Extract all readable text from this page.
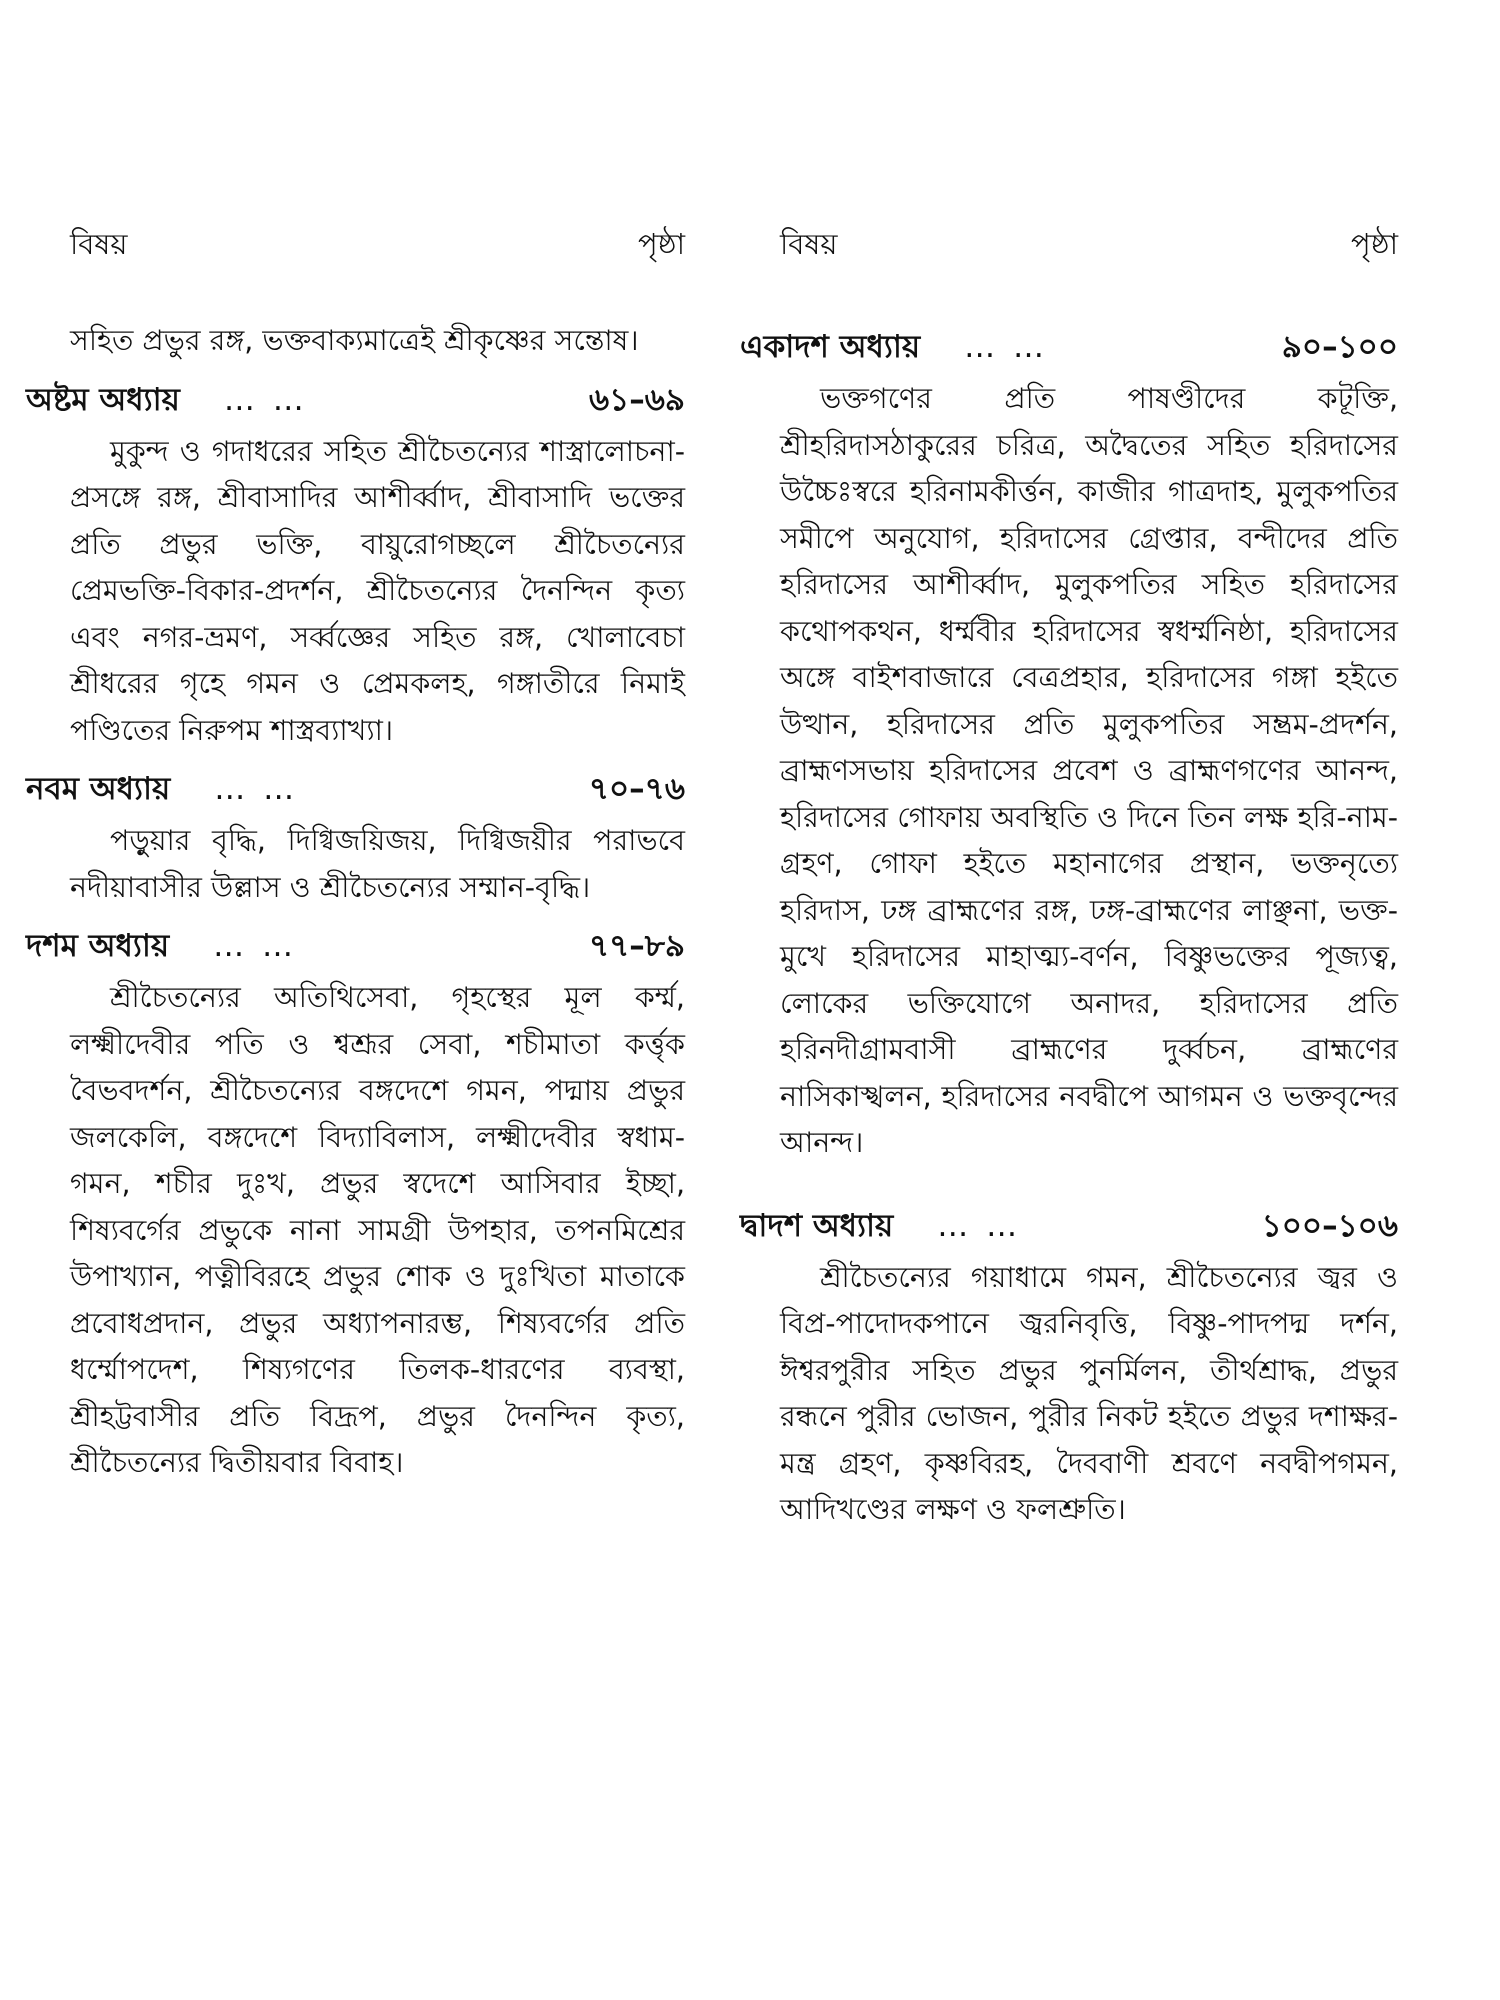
বিষয়	পৃষ্ঠা

সহিত প্রভুর রঙ্গ, ভক্তবাক্যমাত্রেই শ্রীকৃষ্ণের সন্তোষ।

অষ্টম অধ্যায় … …	৬১–৬৯

মুকুন্দ ও গদাধরের সহিত শ্রীচৈতন্যের শাস্ত্রালোচনা-প্রসঙ্গে রঙ্গ, শ্রীবাসাদির আশীর্ব্বাদ, শ্রীবাসাদি ভক্তের প্রতি প্রভুর ভক্তি, বায়ুরোগচ্ছলে শ্রীচৈতন্যের প্রেমভক্তি-বিকার-প্রদর্শন, শ্রীচৈতন্যের দৈনন্দিন কৃত্য এবং নগর-ভ্রমণ, সর্ব্বজ্ঞের সহিত রঙ্গ, খোলাবেচা শ্রীধরের গৃহে গমন ও প্রেমকলহ, গঙ্গাতীরে নিমাই পণ্ডিতের নিরুপম শাস্ত্রব্যাখ্যা।

নবম অধ্যায় … …	৭০–৭৬

পড়ুয়ার বৃদ্ধি, দিগ্বিজয়িজয়, দিগ্বিজয়ীর পরাভবে নদীয়াবাসীর উল্লাস ও শ্রীচৈতন্যের সম্মান-বৃদ্ধি।

দশম অধ্যায় … …	৭৭–৮৯

শ্রীচৈতন্যের অতিথিসেবা, গৃহস্থের মূল কর্ম্ম, লক্ষ্মীদেবীর পতি ও শ্বশ্রূর সেবা, শচীমাতা কর্ত্তৃক বৈভবদর্শন, শ্রীচৈতন্যের বঙ্গদেশে গমন, পদ্মায় প্রভুর জলকেলি, বঙ্গদেশে বিদ্যাবিলাস, লক্ষ্মীদেবীর স্বধাম-গমন, শচীর দুঃখ, প্রভুর স্বদেশে আসিবার ইচ্ছা, শিষ্যবর্গের প্রভুকে নানা সামগ্রী উপহার, তপনমিশ্রের উপাখ্যান, পত্নীবিরহে প্রভুর শোক ও দুঃখিতা মাতাকে প্রবোধপ্রদান, প্রভুর অধ্যাপনারম্ভ, শিষ্যবর্গের প্রতি ধর্ম্মোপদেশ, শিষ্যগণের তিলক-ধারণের ব্যবস্থা, শ্রীহট্টবাসীর প্রতি বিদ্রূপ, প্রভুর দৈনন্দিন কৃত্য, শ্রীচৈতন্যের দ্বিতীয়বার বিবাহ।

বিষয়	পৃষ্ঠা
একাদশ অধ্যায় … …	৯০–১০০

ভক্তগণের প্রতি পাষণ্ডীদের কটূক্তি, শ্রীহরিদাসঠাকুরের চরিত্র, অদ্বৈতের সহিত হরিদাসের উচ্চৈঃস্বরে হরিনামকীর্ত্তন, কাজীর গাত্রদাহ, মুলুকপতির সমীপে অনুযোগ, হরিদাসের গ্রেপ্তার, বন্দীদের প্রতি হরিদাসের আশীর্ব্বাদ, মুলুকপতির সহিত হরিদাসের কথোপকথন, ধর্ম্মবীর হরিদাসের স্বধর্ম্মনিষ্ঠা, হরিদাসের অঙ্গে বাইশবাজারে বেত্রপ্রহার, হরিদাসের গঙ্গা হইতে উত্থান, হরিদাসের প্রতি মুলুকপতির সম্ভ্রম-প্রদর্শন, ব্রাহ্মণসভায় হরিদাসের প্রবেশ ও ব্রাহ্মণগণের আনন্দ, হরিদাসের গোফায় অবস্থিতি ও দিনে তিন লক্ষ হরি-নাম-গ্রহণ, গোফা হইতে মহানাগের প্রস্থান, ভক্তনৃত্যে হরিদাস, ঢঙ্গ ব্রাহ্মণের রঙ্গ, ঢঙ্গ-ব্রাহ্মণের লাঞ্ছনা, ভক্ত-মুখে হরিদাসের মাহাত্ম্য-বর্ণন, বিষ্ণুভক্তের পূজ্যত্ব, লোকের ভক্তিযোগে অনাদর, হরিদাসের প্রতি হরিনদীগ্রামবাসী ব্রাহ্মণের দুর্ব্বচন, ব্রাহ্মণের নাসিকাস্খলন, হরিদাসের নবদ্বীপে আগমন ও ভক্তবৃন্দের আনন্দ।

দ্বাদশ অধ্যায় … …	১০০–১০৬

শ্রীচৈতন্যের গয়াধামে গমন, শ্রীচৈতন্যের জ্বর ও বিপ্র-পাদোদকপানে জ্বরনিবৃত্তি, বিষ্ণু-পাদপদ্ম দর্শন, ঈশ্বরপুরীর সহিত প্রভুর পুনর্মিলন, তীর্থশ্রাদ্ধ, প্রভুর রন্ধনে পুরীর ভোজন, পুরীর নিকট হইতে প্রভুর দশাক্ষর-মন্ত্র গ্রহণ, কৃষ্ণবিরহ, দৈববাণী শ্রবণে নবদ্বীপগমন, আদিখণ্ডের লক্ষণ ও ফলশ্রুতি।
